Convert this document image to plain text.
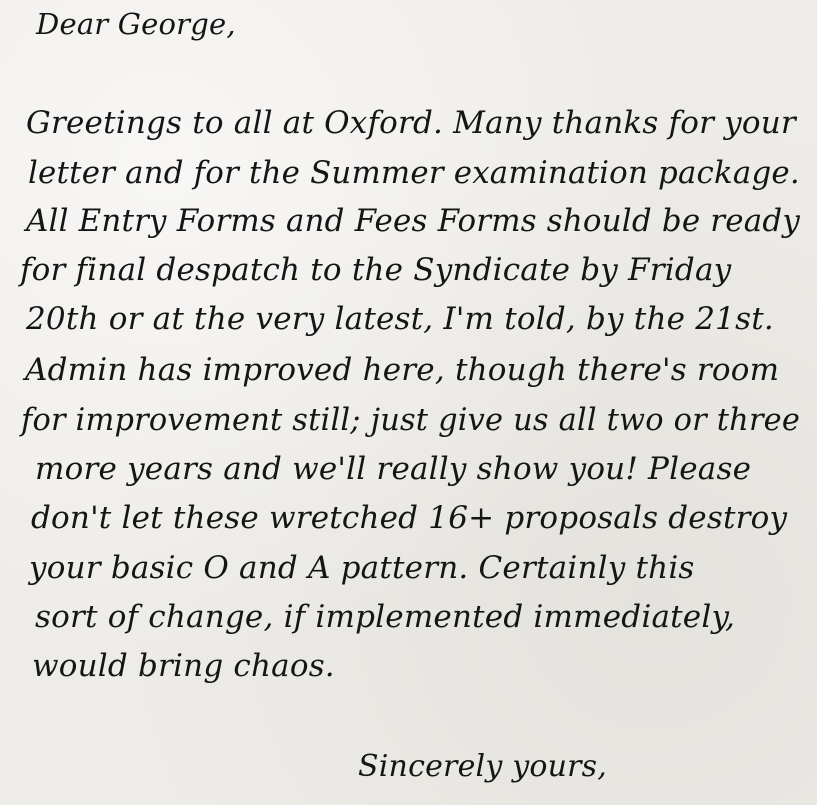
Dear George,

Greetings to all at Oxford. Many thanks for your

letter and for the Summer examination package.

All Entry Forms and Fees Forms should be ready

for final despatch to the Syndicate by Friday

20th or at the very latest, I'm told, by the 21st.

Admin has improved here, though there's room

for improvement still; just give us all two or three

more years and we'll really show you! Please

don't let these wretched 16+ proposals destroy

your basic O and A pattern. Certainly this

sort of change, if implemented immediately,

would bring chaos.

Sincerely yours,
